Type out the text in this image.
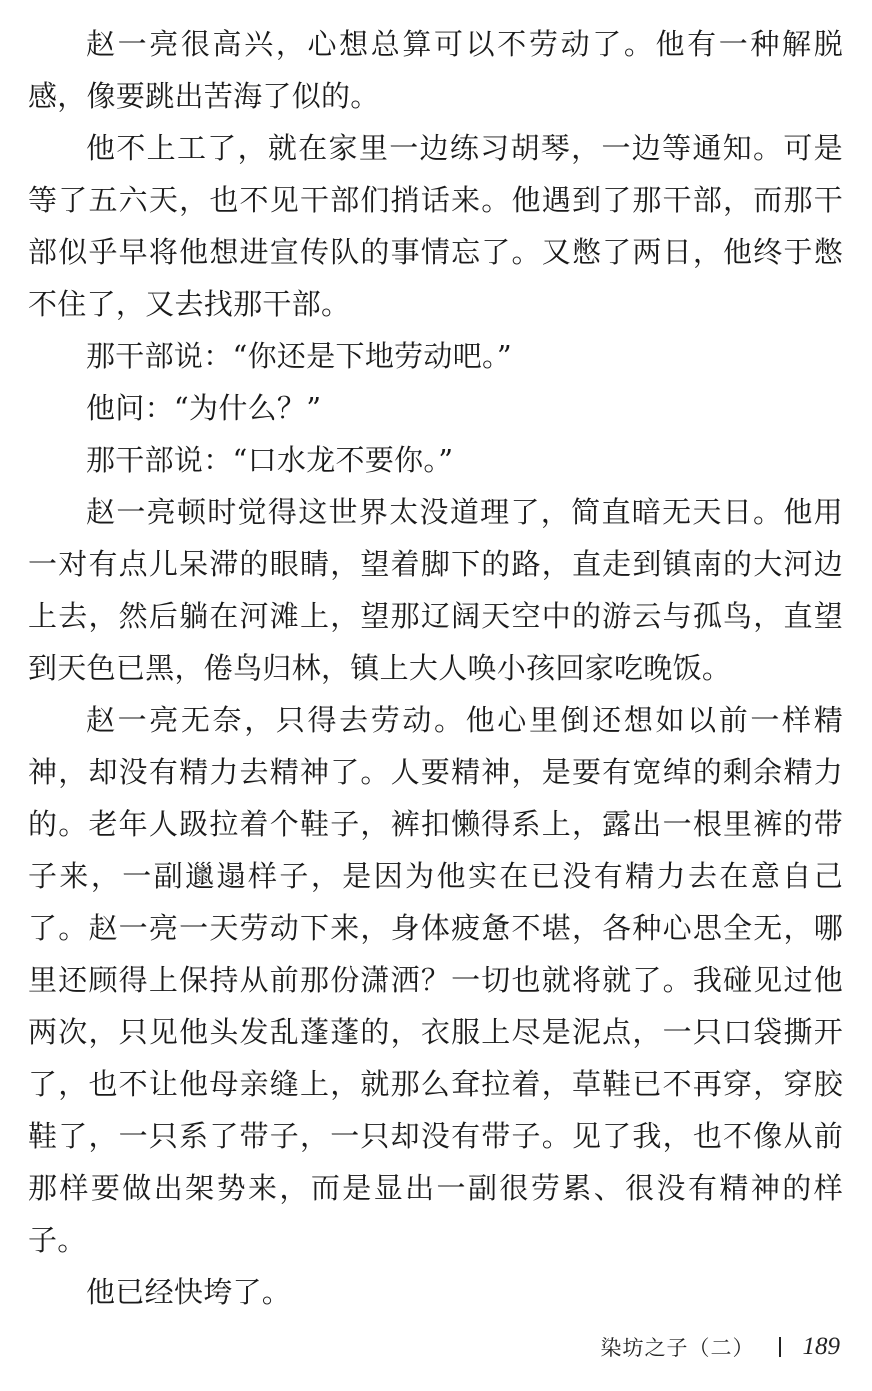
赵一亮很高兴，心想总算可以不劳动了。他有一种解脱感，像要跳出苦海了似的。

他不上工了，就在家里一边练习胡琴，一边等通知。可是等了五六天，也不见干部们捎话来。他遇到了那干部，而那干部似乎早将他想进宣传队的事情忘了。又憋了两日，他终于憋不住了，又去找那干部。

那干部说：“你还是下地劳动吧。”

他问：“为什么？”

那干部说：“口水龙不要你。”

赵一亮顿时觉得这世界太没道理了，简直暗无天日。他用一对有点儿呆滞的眼睛，望着脚下的路，直走到镇南的大河边上去，然后躺在河滩上，望那辽阔天空中的游云与孤鸟，直望到天色已黑，倦鸟归林，镇上大人唤小孩回家吃晚饭。

赵一亮无奈，只得去劳动。他心里倒还想如以前一样精神，却没有精力去精神了。人要精神，是要有宽绰的剩余精力的。老年人趿拉着个鞋子，裤扣懒得系上，露出一根里裤的带子来，一副邋遢样子，是因为他实在已没有精力去在意自己了。赵一亮一天劳动下来，身体疲惫不堪，各种心思全无，哪里还顾得上保持从前那份潇洒？一切也就将就了。我碰见过他两次，只见他头发乱蓬蓬的，衣服上尽是泥点，一只口袋撕开了，也不让他母亲缝上，就那么耷拉着，草鞋已不再穿，穿胶鞋了，一只系了带子，一只却没有带子。见了我，也不像从前那样要做出架势来，而是显出一副很劳累、很没有精神的样子。

他已经快垮了。

染坊之子（二） 189
